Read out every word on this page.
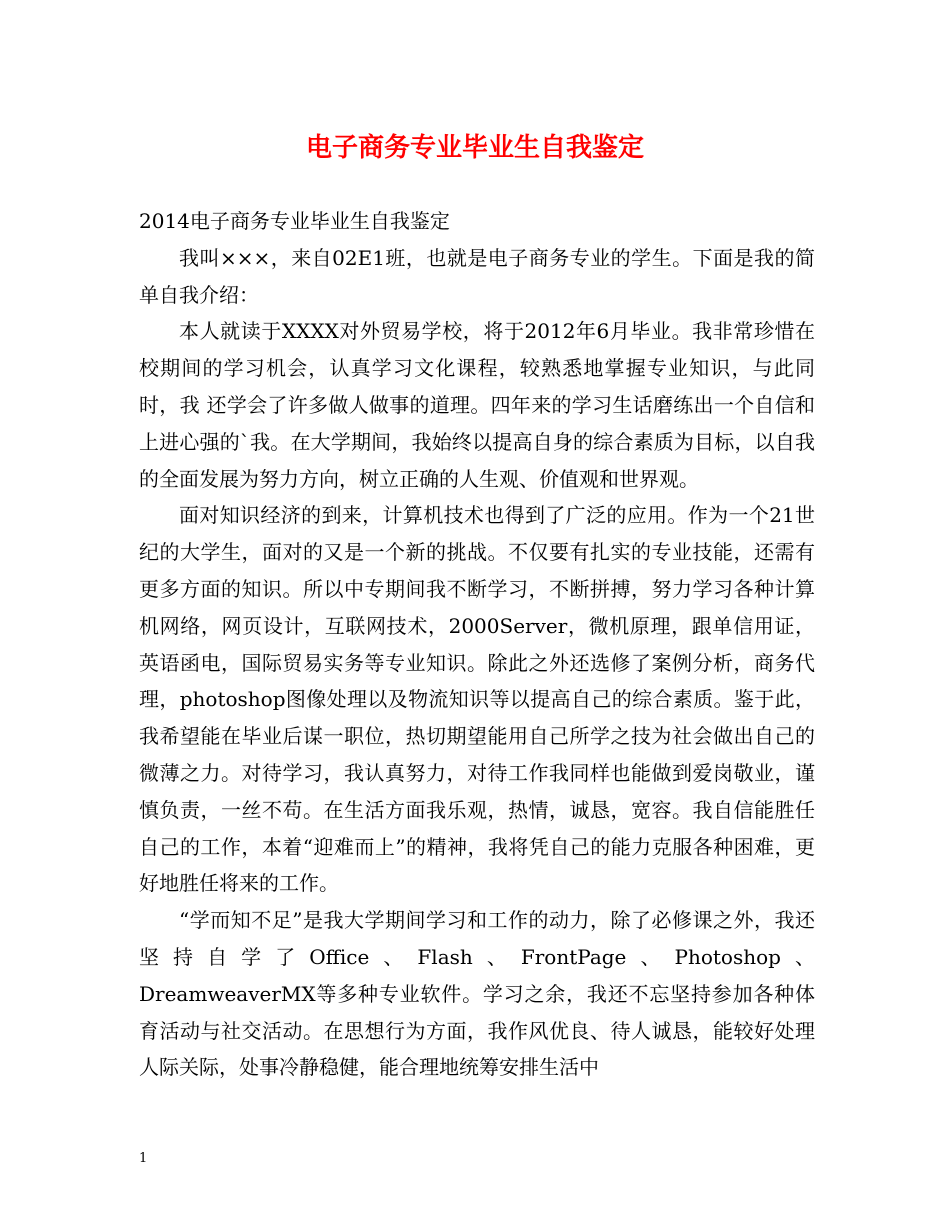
电子商务专业毕业生自我鉴定

2014电子商务专业毕业生自我鉴定

我叫×××，来自02E1班，也就是电子商务专业的学生。下面是我的简单自我介绍：

本人就读于XXXX对外贸易学校，将于2012年6月毕业。我非常珍惜在校期间的学习机会，认真学习文化课程，较熟悉地掌握专业知识，与此同时，我 还学会了许多做人做事的道理。四年来的学习生话磨练出一个自信和上进心强的`我。在大学期间，我始终以提高自身的综合素质为目标，以自我的全面发展为努力方向，树立正确的人生观、价值观和世界观。

面对知识经济的到来，计算机技术也得到了广泛的应用。作为一个21世纪的大学生，面对的又是一个新的挑战。不仅要有扎实的专业技能，还需有更多方面的知识。所以中专期间我不断学习，不断拼搏，努力学习各种计算机网络，网页设计，互联网技术，2000Server，微机原理，跟单信用证，英语函电，国际贸易实务等专业知识。除此之外还选修了案例分析，商务代理，photoshop图像处理以及物流知识等以提高自己的综合素质。鉴于此，我希望能在毕业后谋一职位，热切期望能用自己所学之技为社会做出自己的微薄之力。对待学习，我认真努力，对待工作我同样也能做到爱岗敬业，谨慎负责，一丝不苟。在生活方面我乐观，热情，诚恳，宽容。我自信能胜任自己的工作，本着“迎难而上”的精神，我将凭自己的能力克服各种困难，更好地胜任将来的工作。

“学而知不足”是我大学期间学习和工作的动力，除了必修课之外，我还坚持自学了Office、Flash、FrontPage、Photoshop、DreamweaverMX等多种专业软件。学习之余，我还不忘坚持参加各种体育活动与社交活动。在思想行为方面，我作风优良、待人诚恳，能较好处理人际关际，处事冷静稳健，能合理地统筹安排生活中

1
